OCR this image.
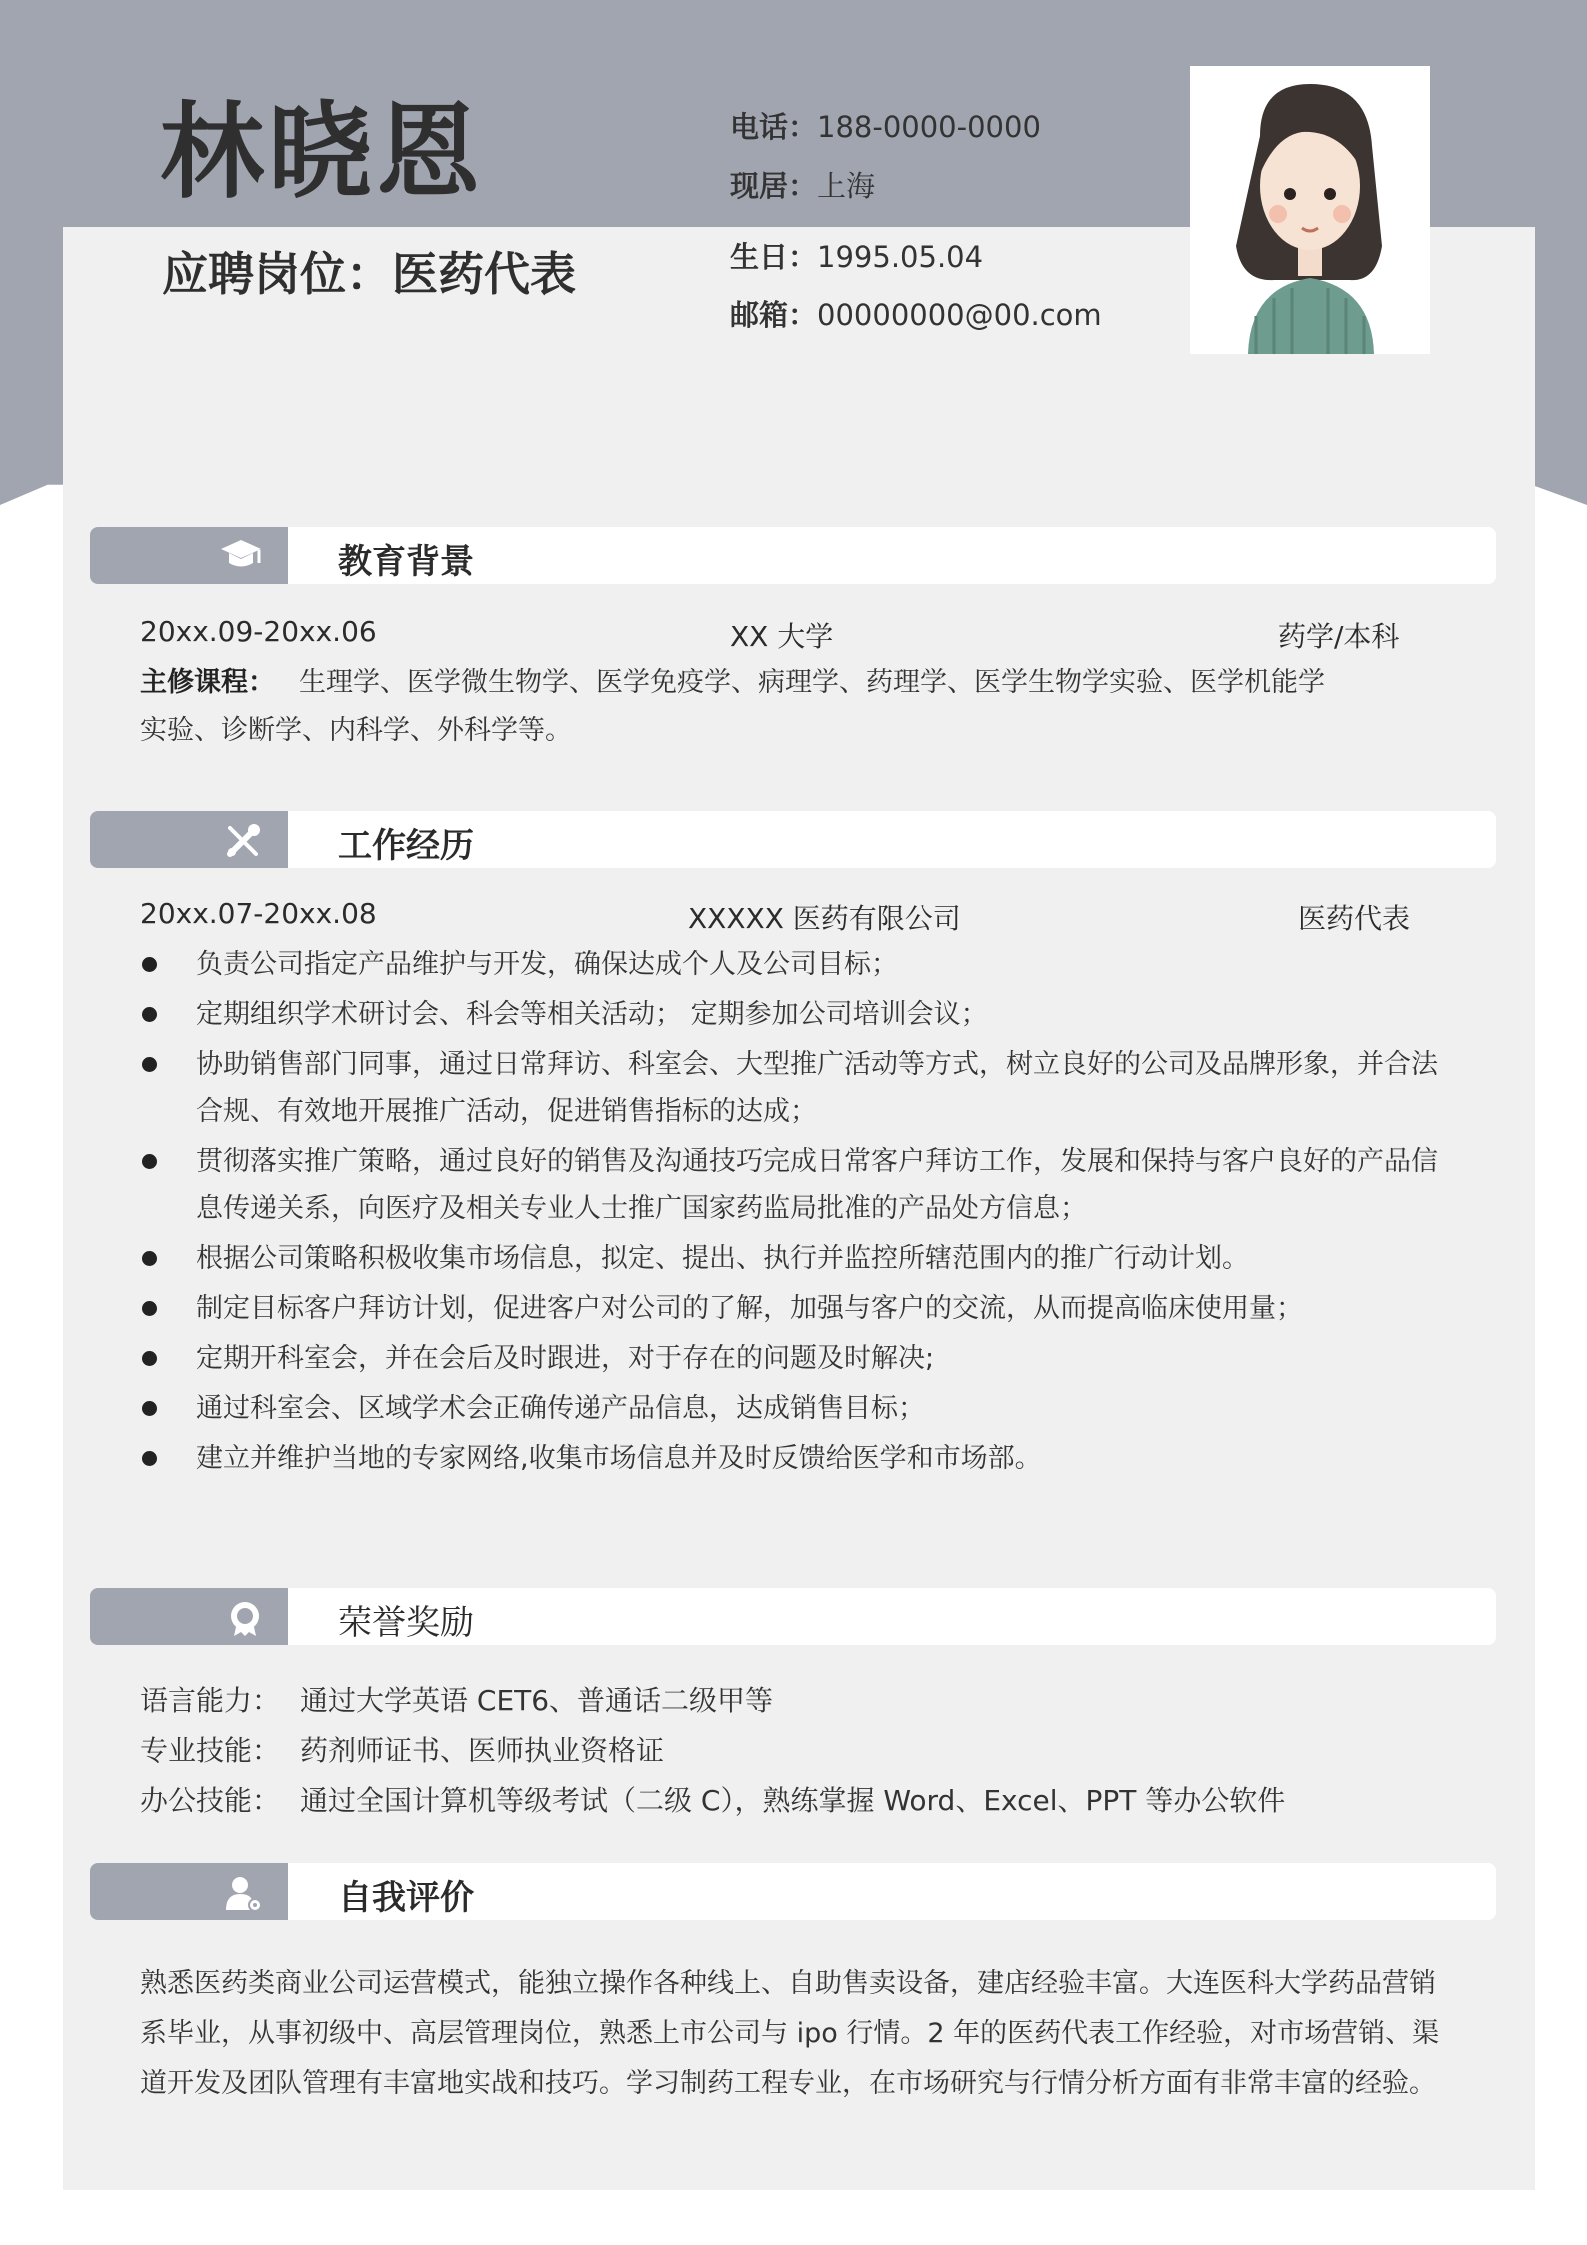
林晓恩
应聘岗位：医药代表
电话：188-0000-0000
现居：上海
生日：1995.05.04
邮箱：00000000@00.com
教育背景
20xx.09-20xx.06	XX 大学	药学/本科
主修课程： 生理学、医学微生物学、医学免疫学、病理学、药理学、医学生物学实验、医学机能学
实验、诊断学、内科学、外科学等。
工作经历
20xx.07-20xx.08	XXXXX 医药有限公司	医药代表
负责公司指定产品维护与开发，确保达成个人及公司目标；
定期组织学术研讨会、科会等相关活动； 定期参加公司培训会议；
协助销售部门同事，通过日常拜访、科室会、大型推广活动等方式，树立良好的公司及品牌形象，并合法合规、有效地开展推广活动，促进销售指标的达成；
贯彻落实推广策略，通过良好的销售及沟通技巧完成日常客户拜访工作，发展和保持与客户良好的产品信息传递关系，向医疗及相关专业人士推广国家药监局批准的产品处方信息；
根据公司策略积极收集市场信息，拟定、提出、执行并监控所辖范围内的推广行动计划。
制定目标客户拜访计划，促进客户对公司的了解，加强与客户的交流，从而提高临床使用量；
定期开科室会，并在会后及时跟进，对于存在的问题及时解决;
通过科室会、区域学术会正确传递产品信息，达成销售目标；
建立并维护当地的专家网络,收集市场信息并及时反馈给医学和市场部。
荣誉奖励
语言能力： 通过大学英语 CET6、普通话二级甲等
专业技能： 药剂师证书、医师执业资格证
办公技能： 通过全国计算机等级考试（二级 C），熟练掌握 Word、Excel、PPT 等办公软件
自我评价
熟悉医药类商业公司运营模式，能独立操作各种线上、自助售卖设备，建店经验丰富。大连医科大学药品营销系毕业，从事初级中、高层管理岗位，熟悉上市公司与 ipo 行情。2 年的医药代表工作经验，对市场营销、渠道开发及团队管理有丰富地实战和技巧。学习制药工程专业，在市场研究与行情分析方面有非常丰富的经验。
